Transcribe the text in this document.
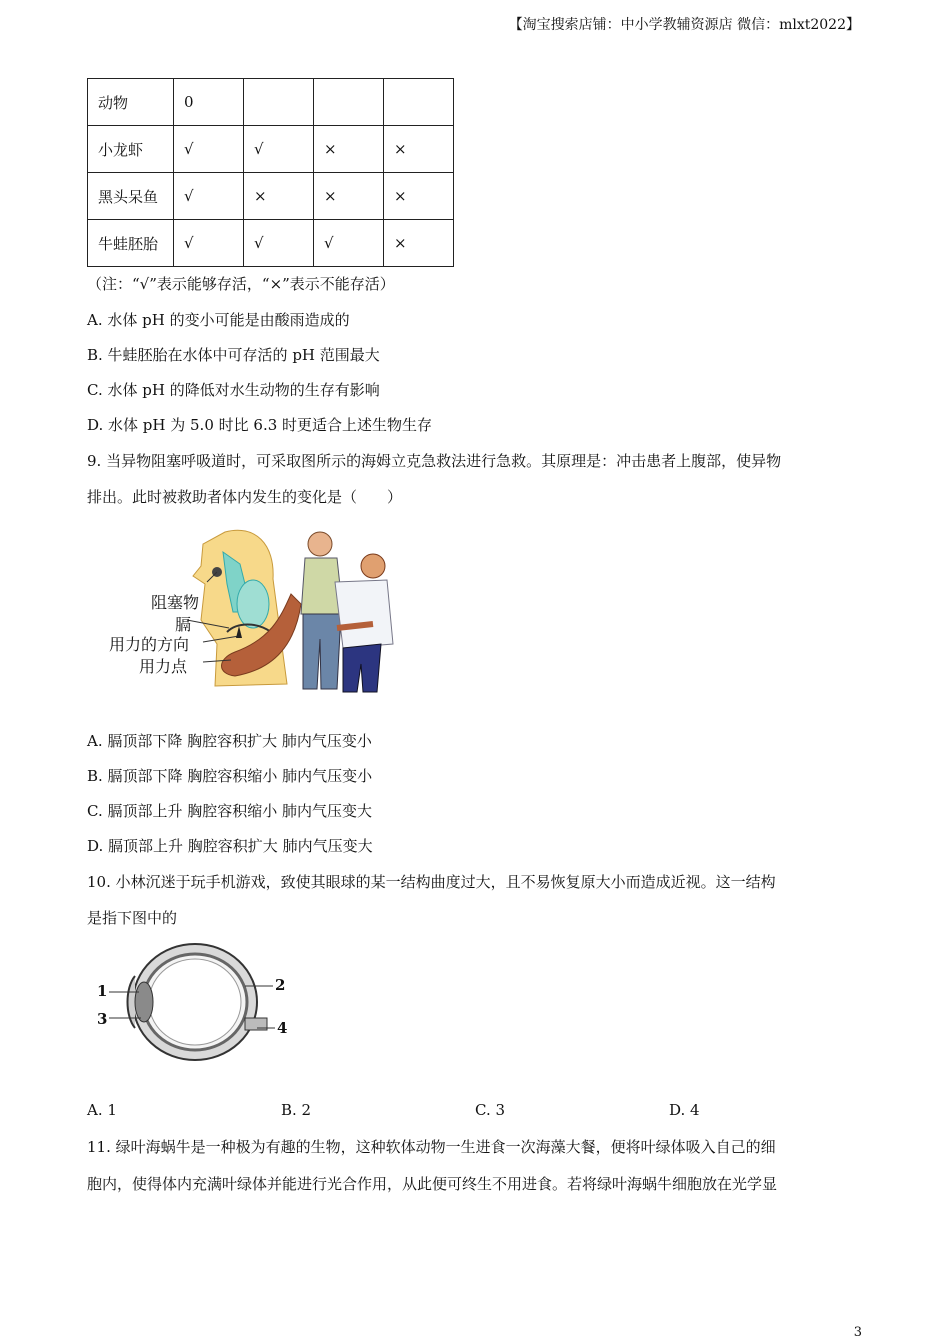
【淘宝搜索店铺：中小学教辅资源店 微信：mlxt2022】
动物	0			
小龙虾	√	√	×	×
黑头呆鱼	√	×	×	×
牛蛙胚胎	√	√	√	×
（注：“√”表示能够存活，“×”表示不能存活）
A. 水体 pH 的变小可能是由酸雨造成的
B. 牛蛙胚胎在水体中可存活的 pH 范围最大
C. 水体 pH 的降低对水生动物的生存有影响
D. 水体 pH 为 5.0 时比 6.3 时更适合上述生物生存
9. 当异物阻塞呼吸道时，可采取图所示的海姆立克急救法进行急救。其原理是：冲击患者上腹部，使异物
排出。此时被救助者体内发生的变化是（　　）
阻塞物
膈
用力的方向
用力点
A. 膈顶部下降 胸腔容积扩大 肺内气压变小
B. 膈顶部下降 胸腔容积缩小 肺内气压变小
C. 膈顶部上升 胸腔容积缩小 肺内气压变大
D. 膈顶部上升 胸腔容积扩大 肺内气压变大
10. 小林沉迷于玩手机游戏，致使其眼球的某一结构曲度过大，且不易恢复原大小而造成近视。这一结构
是指下图中的
1
3
2
4
A. 1	B. 2	C. 3	D. 4
11. 绿叶海蜗牛是一种极为有趣的生物，这种软体动物一生进食一次海藻大餐，便将叶绿体吸入自己的细
胞内，使得体内充满叶绿体并能进行光合作用，从此便可终生不用进食。若将绿叶海蜗牛细胞放在光学显
3
